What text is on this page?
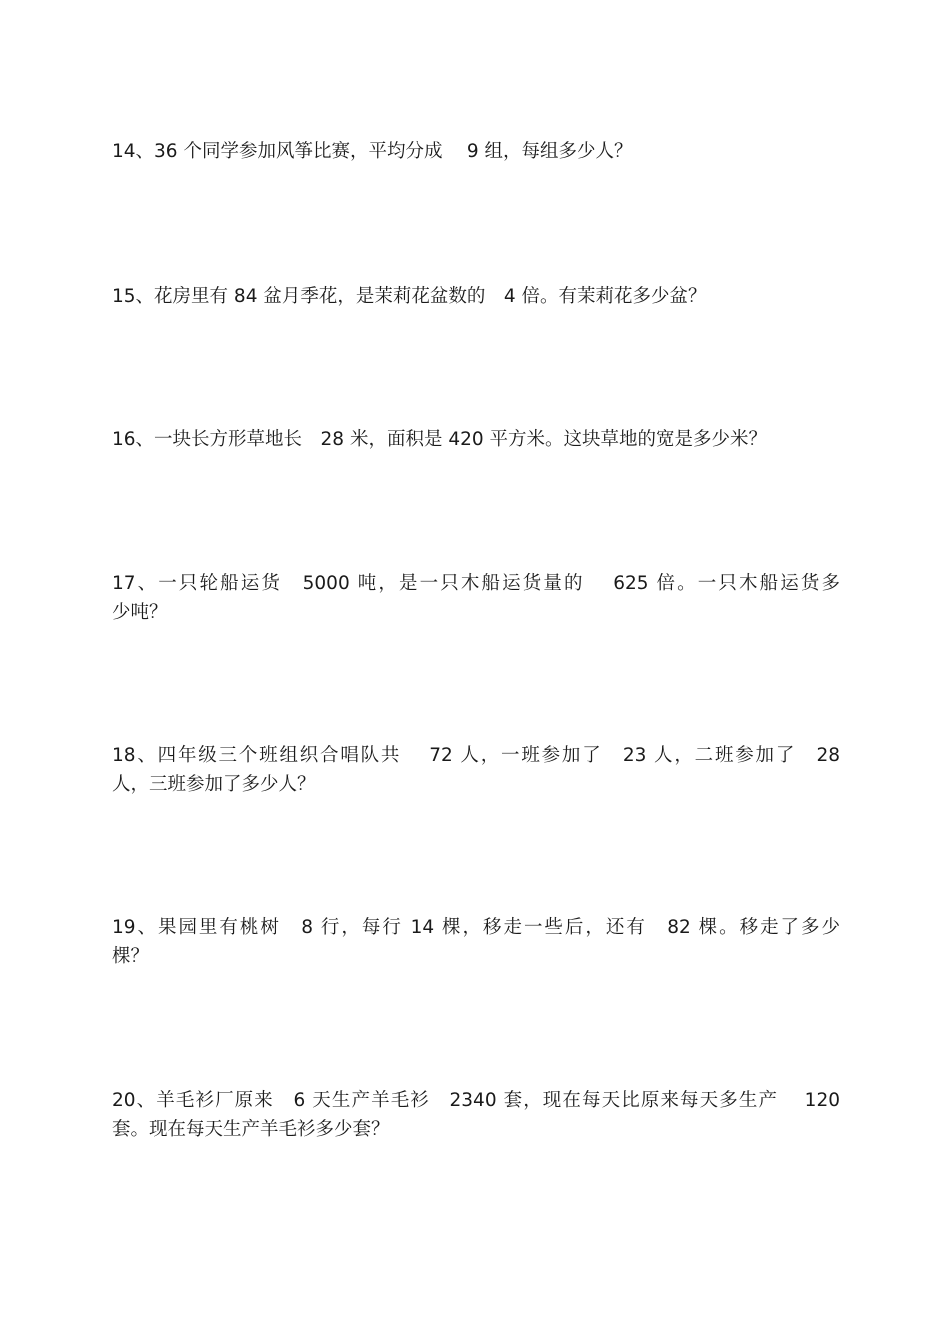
14、36 个同学参加风筝比赛，平均分成　 9 组，每组多少人？
15、花房里有 84 盆月季花，是茉莉花盆数的　4 倍。有茉莉花多少盆？
16、一块长方形草地长　28 米，面积是 420 平方米。这块草地的宽是多少米？
17、一只轮船运货　5000 吨，是一只木船运货量的　 625 倍。一只木船运货多
少吨？
18、四年级三个班组织合唱队共　 72 人，一班参加了　23 人，二班参加了　28
人，三班参加了多少人？
19、果园里有桃树　8 行，每行 14 棵，移走一些后，还有　82 棵。移走了多少
棵？
20、羊毛衫厂原来　6 天生产羊毛衫　2340 套，现在每天比原来每天多生产　 120
套。现在每天生产羊毛衫多少套？
